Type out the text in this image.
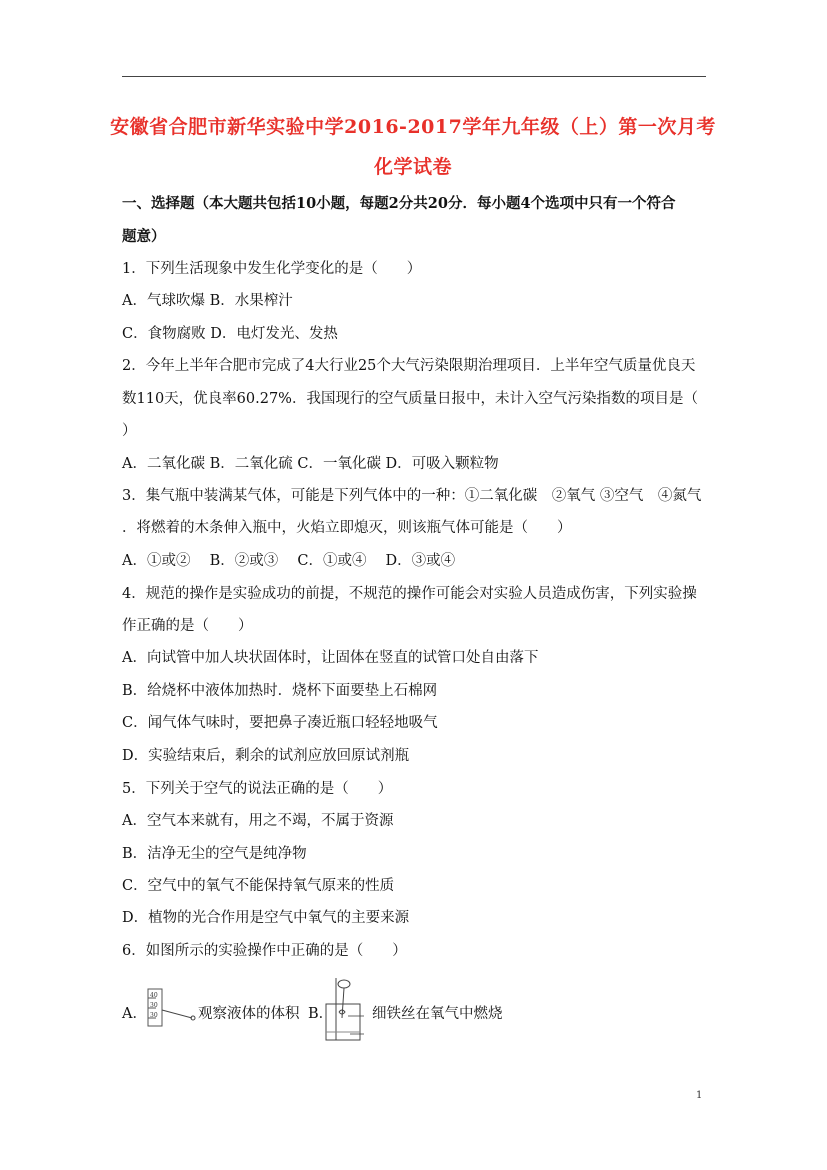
安徽省合肥市新华实验中学2016-2017学年九年级（上）第一次月考
化学试卷
一、选择题（本大题共包括10小题，每题2分共20分．每小题4个选项中只有一个符合
题意）
1．下列生活现象中发生化学变化的是（　　）
A．气球吹爆 B．水果榨汁
C．食物腐败 D．电灯发光、发热
2．今年上半年合肥市完成了4大行业25个大气污染限期治理项目．上半年空气质量优良天
数110天，优良率60.27%．我国现行的空气质量日报中，未计入空气污染指数的项目是（
）
A．二氧化碳 B．二氧化硫 C．一氧化碳 D．可吸入颗粒物
3．集气瓶中装满某气体，可能是下列气体中的一种：①二氧化碳　②氧气 ③空气　④氮气
．将燃着的木条伸入瓶中，火焰立即熄灭，则该瓶气体可能是（　　）
A．①或②　 B．②或③　 C．①或④　 D．③或④
4．规范的操作是实验成功的前提，不规范的操作可能会对实验人员造成伤害，下列实验操
作正确的是（　　）
A．向试管中加人块状固体时，让固体在竖直的试管口处自由落下
B．给烧杯中液体加热时．烧杯下面要垫上石棉网
C．闻气体气味时，要把鼻子凑近瓶口轻轻地吸气
D．实验结束后，剩余的试剂应放回原试剂瓶
5．下列关于空气的说法正确的是（　　）
A．空气本来就有，用之不竭，不属于资源
B．洁净无尘的空气是纯净物
C．空气中的氧气不能保持氧气原来的性质
D．植物的光合作用是空气中氧气的主要来源
6．如图所示的实验操作中正确的是（　　）
A．
40
30
30	观察液体的体积 B．	细铁丝在氧气中燃烧
1
